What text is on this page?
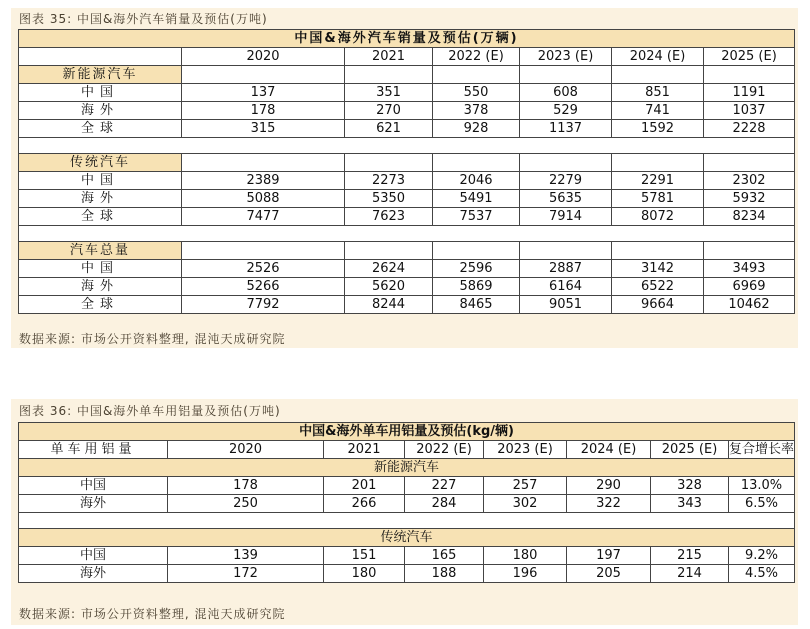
图表 35: 中国&海外汽车销量及预估(万吨)
中国&海外汽车销量及预估(万辆)						
	2020	2021	2022 (E)	2023 (E)	2024 (E)	2025 (E)
新能源汽车						
中国	137	351	550	608	851	1191
海外	178	270	378	529	741	1037
全球	315	621	928	1137	1592	2228

传统汽车						
中国	2389	2273	2046	2279	2291	2302
海外	5088	5350	5491	5635	5781	5932
全球	7477	7623	7537	7914	8072	8234

汽车总量						
中国	2526	2624	2596	2887	3142	3493
海外	5266	5620	5869	6164	6522	6969
全球	7792	8244	8465	9051	9664	10462
数据来源: 市场公开资料整理, 混沌天成研究院
图表 36: 中国&海外单车用铝量及预估(万吨)
中国&海外单车用铝量及预估(kg/辆)							
单车用铝量	2020	2021	2022 (E)	2023 (E)	2024 (E)	2025 (E)	复合增长率
新能源汽车							
中国	178	201	227	257	290	328	13.0%
海外	250	266	284	302	322	343	6.5%

传统汽车							
中国	139	151	165	180	197	215	9.2%
海外	172	180	188	196	205	214	4.5%
数据来源: 市场公开资料整理, 混沌天成研究院
